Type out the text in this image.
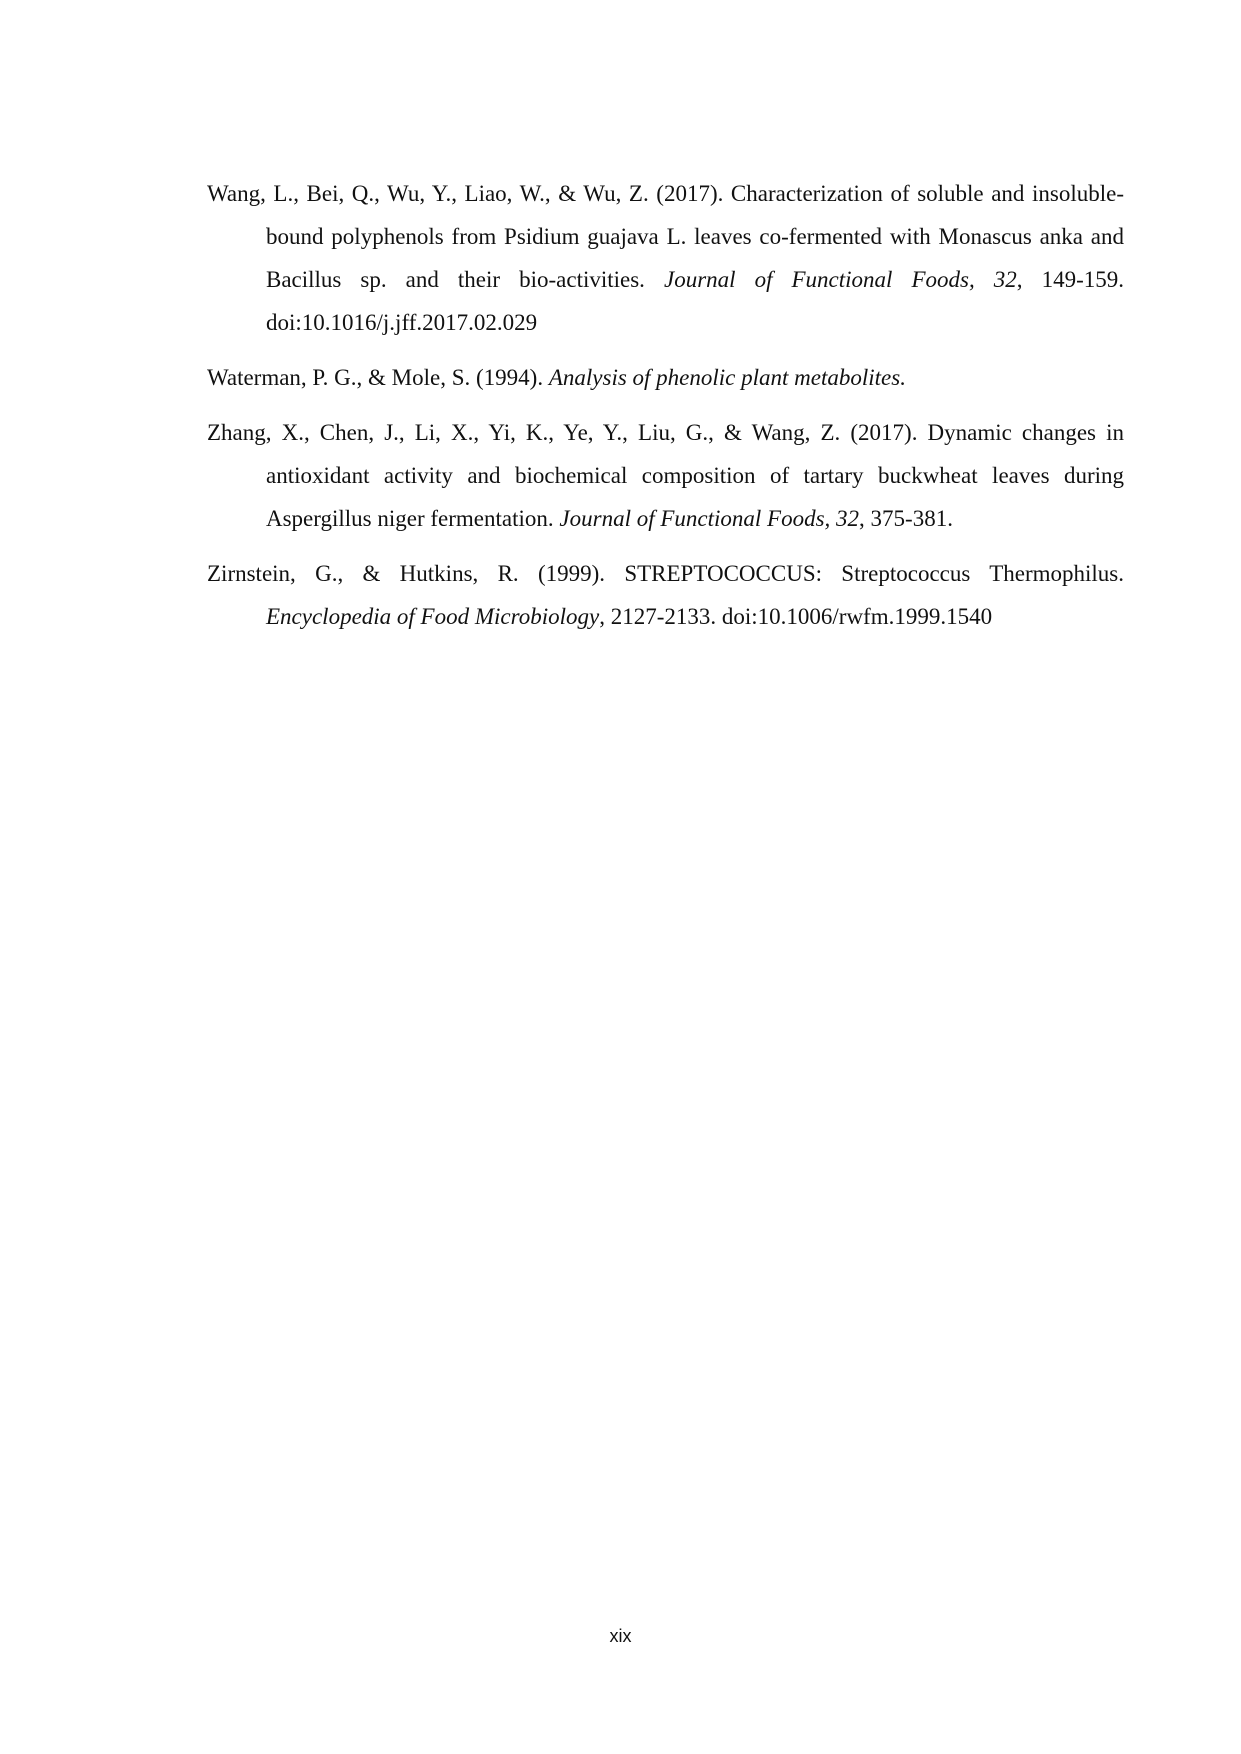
Wang, L., Bei, Q., Wu, Y., Liao, W., & Wu, Z. (2017). Characterization of soluble and insoluble-bound polyphenols from Psidium guajava L. leaves co-fermented with Monascus anka and Bacillus sp. and their bio-activities. Journal of Functional Foods, 32, 149-159. doi:10.1016/j.jff.2017.02.029

Waterman, P. G., & Mole, S. (1994). Analysis of phenolic plant metabolites.

Zhang, X., Chen, J., Li, X., Yi, K., Ye, Y., Liu, G., & Wang, Z. (2017). Dynamic changes in antioxidant activity and biochemical composition of tartary buckwheat leaves during Aspergillus niger fermentation. Journal of Functional Foods, 32, 375-381.

Zirnstein, G., & Hutkins, R. (1999). STREPTOCOCCUS: Streptococcus Thermophilus. Encyclopedia of Food Microbiology, 2127-2133. doi:10.1006/rwfm.1999.1540

xix
